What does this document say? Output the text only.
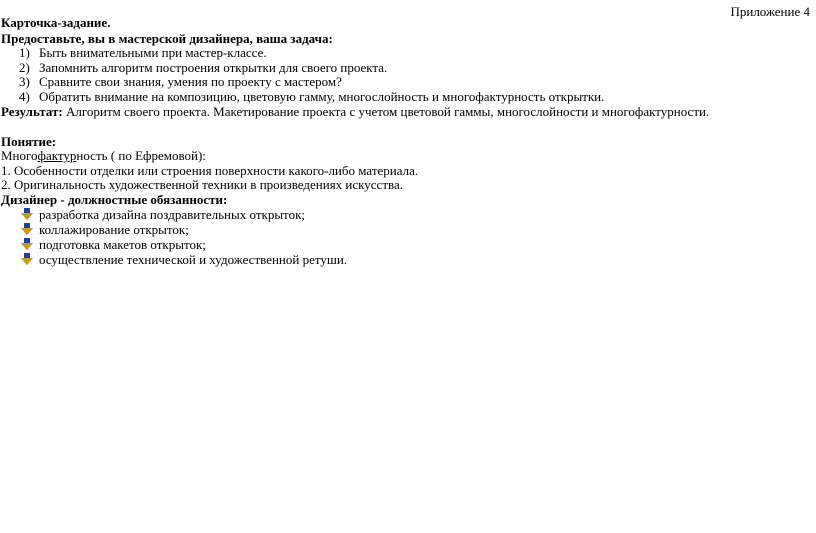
Приложение 4
Карточка-задание.
Предоставьте, вы в мастерской дизайнера, ваша задача:
1) Быть внимательными при мастер-классе.
2) Запомнить алгоритм построения открытки для своего проекта.
3) Сравните свои знания, умения по проекту с мастером?
4) Обратить внимание на композицию, цветовую гамму, многослойность и многофактурность открытки.
Результат: Алгоритм своего проекта. Макетирование проекта с учетом цветовой гаммы, многослойности и многофактурности.
Понятие:
Многофактурность ( по Ефремовой):
1. Особенности отделки или строения поверхности какого-либо материала.
2. Оригинальность художественной техники в произведениях искусства.
Дизайнер - должностные обязанности:
разработка дизайна поздравительных открыток;
коллажирование открыток;
подготовка макетов открыток;
осуществление технической и художественной ретуши.
